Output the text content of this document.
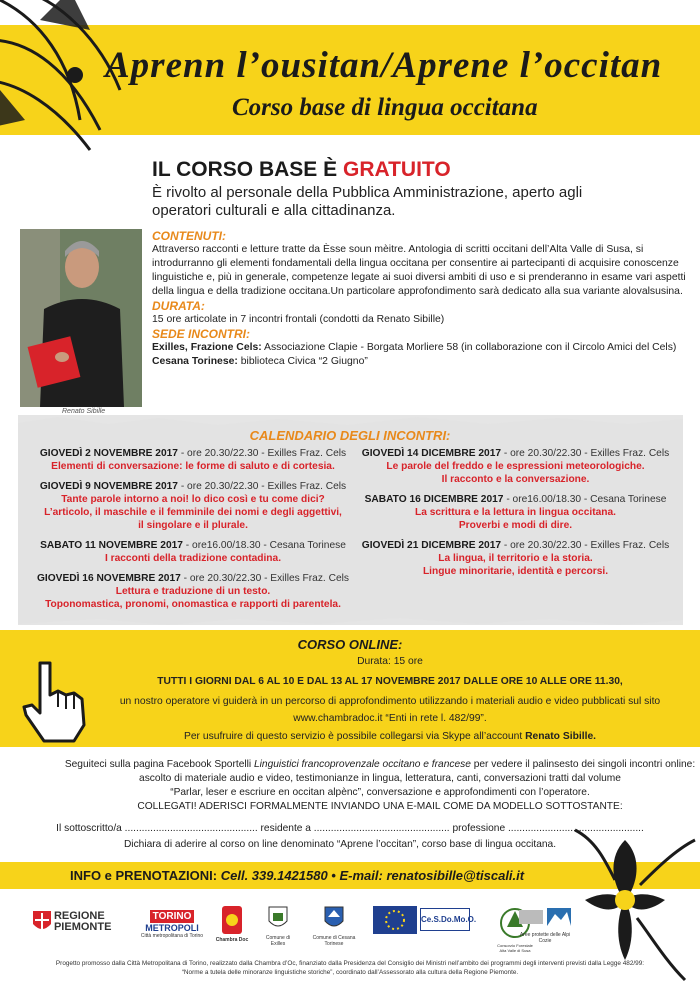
Aprenn l’ousitan/Aprene l’occitan
Corso base di lingua occitana
IL CORSO BASE È GRATUITO
È rivolto al personale della Pubblica Amministrazione, aperto agli operatori culturali e alla cittadinanza.
Renato Sibille
CONTENUTI:
Attraverso racconti e letture tratte da Èsse soun mèitre. Antologia di scritti occitani dell’Alta Valle di Susa, si introdurranno gli elementi fondamentali della lingua occitana per consentire ai partecipanti di acquisire conoscenze linguistiche e, più in generale, competenze legate ai suoi diversi ambiti di uso e si prenderanno in esame vari aspetti della lingua e della tradizione occitana.Un particolare approfondimento sarà dedicato alla sua variante alovalsusina.
DURATA:
15 ore articolate in 7 incontri frontali (condotti da Renato Sibille)
SEDE INCONTRI:
Exilles, Frazione Cels: Associazione Clapie - Borgata Morliere 58 (in collaborazione con il Circolo Amici del Cels)
Cesana Torinese: biblioteca Civica “2 Giugno”
CALENDARIO DEGLI INCONTRI:
GIOVEDÌ 2 NOVEMBRE 2017 - ore 20.30/22.30 - Exilles Fraz. Cels
Elementi di conversazione: le forme di saluto e di cortesia.
GIOVEDÌ 9 NOVEMBRE 2017 - ore 20.30/22.30 - Exilles Fraz. Cels
Tante parole intorno a noi! lo dico così e tu come dici?
L’articolo, il maschile e il femminile dei nomi e degli aggettivi,
il singolare e il plurale.
SABATO 11 NOVEMBRE 2017 - ore16.00/18.30 - Cesana Torinese
I racconti della tradizione contadina.
GIOVEDÌ 16 NOVEMBRE 2017 - ore 20.30/22.30 - Exilles Fraz. Cels
Lettura e traduzione di un testo.
Toponomastica, pronomi, onomastica e rapporti di parentela.
GIOVEDÌ 14 DICEMBRE 2017 - ore 20.30/22.30 - Exilles Fraz. Cels
Le parole del freddo e le espressioni meteorologiche.
Il racconto e la conversazione.
SABATO 16 DICEMBRE 2017 - ore16.00/18.30 - Cesana Torinese
La scrittura e la lettura in lingua occitana.
Proverbi e modi di dire.
GIOVEDÌ 21 DICEMBRE 2017 - ore 20.30/22.30 - Exilles Fraz. Cels
La lingua, il territorio e la storia.
Lingue minoritarie, identità e percorsi.
CORSO ONLINE:
Durata: 15 ore
TUTTI I GIORNI DAL 6 AL 10 E DAL 13 AL 17 NOVEMBRE 2017 DALLE ORE 10 ALLE ORE 11.30,
un nostro operatore vi guiderà in un percorso di approfondimento utilizzando i materiali audio e video pubblicati sul sito
www.chambradoc.it “Enti in rete l. 482/99”.
Per usufruire di questo servizio è possibile collegarsi via Skype all’account Renato Sibille.
Seguiteci sulla pagina Facebook Sportelli Linguistici francoprovenzale occitano e francese per vedere il palinsesto dei singoli incontri online:
ascolto di materiale audio e video, testimonianze in lingua, letteratura, canti, conversazioni tratti dal volume
“Parlar, leser e escriure en occitan alpènc”, conversazione e approfondimenti con l’operatore.
COLLEGATI! ADERISCI FORMALMENTE INVIANDO UNA E-MAIL COME DA MODELLO SOTTOSTANTE:
Il sottoscritto/a ............................................... residente a ................................................ professione ................................................
Dichiara di aderire al corso on line denominato “Aprene l’occitan”, corso base di lingua occitana.
INFO e PRENOTAZIONI: Cell. 339.1421580 • E-mail: renatosibille@tiscali.it
REGIONE PIEMONTE
TORINO
METROPOLI
Città metropolitana di Torino
Chambra Doc	Comune di Exilles
Comune di Cesana Torinese
Ce.S.Do.Mo.O.
Consorzio Forestale Alta Valle di Susa
Aree protette delle Alpi Cozie
Progetto promosso dalla Città Metropolitana di Torino, realizzato dalla Chambra d’Oc, finanziato dalla Presidenza del Consiglio dei Ministri nell’ambito dei programmi degli interventi previsti dalla Legge 482/99:
“Norme a tutela delle minoranze linguistiche storiche”, coordinato dall’Assessorato alla cultura della Regione Piemonte.
